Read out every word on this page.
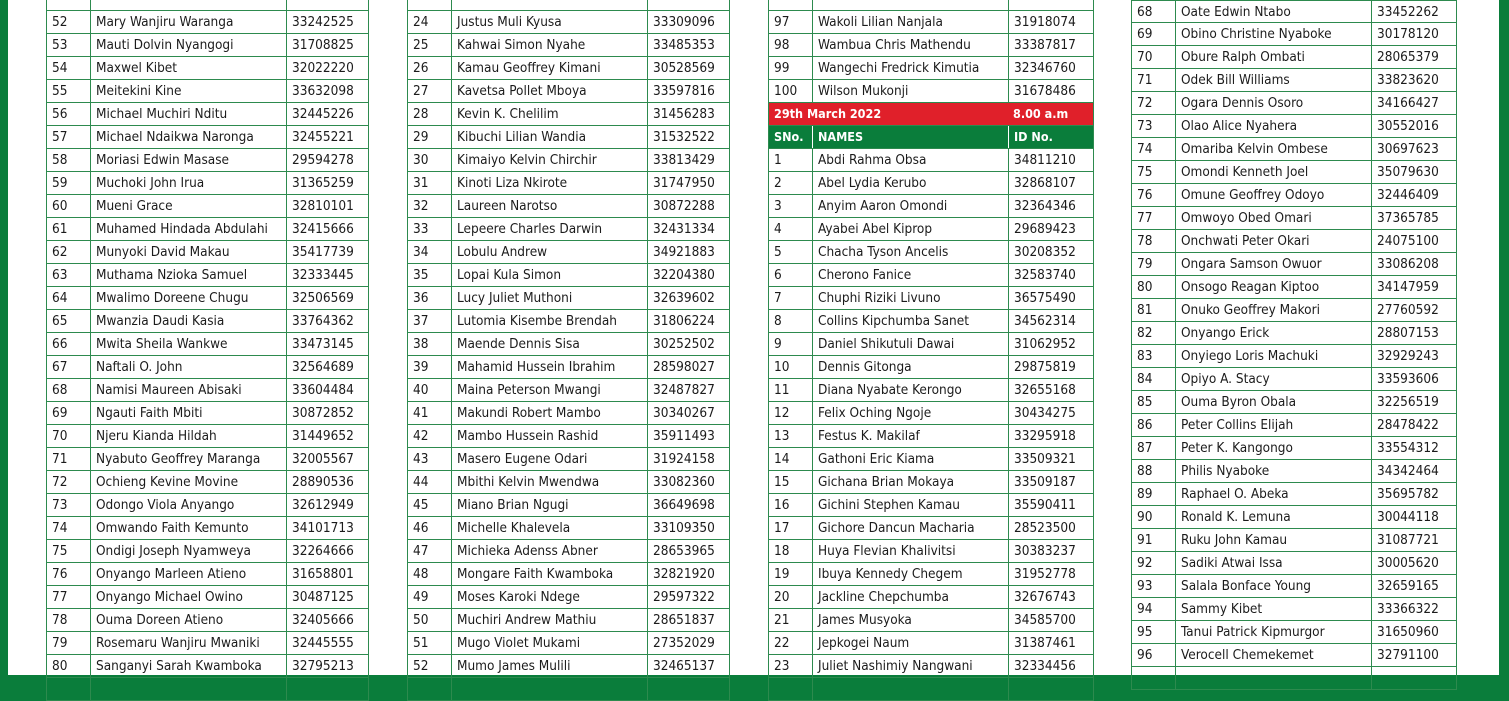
52	Mary Wanjiru Waranga	33242525
53	Mauti Dolvin Nyangogi	31708825
54	Maxwel Kibet	32022220
55	Meitekini Kine	33632098
56	Michael Muchiri Nditu	32445226
57	Michael Ndaikwa Naronga	32455221
58	Moriasi Edwin Masase	29594278
59	Muchoki John Irua	31365259
60	Mueni Grace	32810101
61	Muhamed Hindada Abdulahi	32415666
62	Munyoki David Makau	35417739
63	Muthama Nzioka Samuel	32333445
64	Mwalimo Doreene Chugu	32506569
65	Mwanzia Daudi Kasia	33764362
66	Mwita Sheila Wankwe	33473145
67	Naftali O. John	32564689
68	Namisi Maureen Abisaki	33604484
69	Ngauti Faith Mbiti	30872852
70	Njeru Kianda Hildah	31449652
71	Nyabuto Geoffrey Maranga	32005567
72	Ochieng Kevine Movine	28890536
73	Odongo Viola Anyango	32612949
74	Omwando Faith Kemunto	34101713
75	Ondigi Joseph Nyamweya	32264666
76	Onyango Marleen Atieno	31658801
77	Onyango Michael Owino	30487125
78	Ouma Doreen Atieno	32405666
79	Rosemaru Wanjiru Mwaniki	32445555
80	Sanganyi Sarah Kwamboka	32795213
24	Justus Muli Kyusa	33309096
25	Kahwai Simon Nyahe	33485353
26	Kamau Geoffrey Kimani	30528569
27	Kavetsa Pollet Mboya	33597816
28	Kevin K. Chelilim	31456283
29	Kibuchi Lilian Wandia	31532522
30	Kimaiyo Kelvin Chirchir	33813429
31	Kinoti Liza Nkirote	31747950
32	Laureen Narotso	30872288
33	Lepeere Charles Darwin	32431334
34	Lobulu Andrew	34921883
35	Lopai Kula Simon	32204380
36	Lucy Juliet Muthoni	32639602
37	Lutomia Kisembe Brendah	31806224
38	Maende Dennis Sisa	30252502
39	Mahamid Hussein Ibrahim	28598027
40	Maina Peterson Mwangi	32487827
41	Makundi Robert Mambo	30340267
42	Mambo Hussein Rashid	35911493
43	Masero Eugene Odari	31924158
44	Mbithi Kelvin Mwendwa	33082360
45	Miano Brian Ngugi	36649698
46	Michelle Khalevela	33109350
47	Michieka Adenss Abner	28653965
48	Mongare Faith Kwamboka	32821920
49	Moses Karoki Ndege	29597322
50	Muchiri Andrew Mathiu	28651837
51	Mugo Violet Mukami	27352029
52	Mumo James Mulili	32465137
97	Wakoli Lilian Nanjala	31918074
98	Wambua Chris Mathendu	33387817
99	Wangechi Fredrick Kimutia	32346760
100	Wilson Mukonji	31678486
29th March 2022	8.00 a.m
SNo.	NAMES	ID No.
1	Abdi Rahma Obsa	34811210
2	Abel Lydia Kerubo	32868107
3	Anyim Aaron Omondi	32364346
4	Ayabei Abel Kiprop	29689423
5	Chacha Tyson Ancelis	30208352
6	Cherono Fanice	32583740
7	Chuphi Riziki Livuno	36575490
8	Collins Kipchumba Sanet	34562314
9	Daniel Shikutuli Dawai	31062952
10	Dennis Gitonga	29875819
11	Diana Nyabate Kerongo	32655168
12	Felix Oching Ngoje	30434275
13	Festus K. Makilaf	33295918
14	Gathoni Eric Kiama	33509321
15	Gichana Brian Mokaya	33509187
16	Gichini Stephen Kamau	35590411
17	Gichore Dancun Macharia	28523500
18	Huya Flevian Khalivitsi	30383237
19	Ibuya Kennedy Chegem	31952778
20	Jackline Chepchumba	32676743
21	James Musyoka	34585700
22	Jepkogei Naum	31387461
23	Juliet Nashimiy Nangwani	32334456
68	Oate Edwin Ntabo	33452262
69	Obino Christine Nyaboke	30178120
70	Obure Ralph Ombati	28065379
71	Odek Bill Williams	33823620
72	Ogara Dennis Osoro	34166427
73	Olao Alice Nyahera	30552016
74	Omariba Kelvin Ombese	30697623
75	Omondi Kenneth Joel	35079630
76	Omune Geoffrey Odoyo	32446409
77	Omwoyo Obed Omari	37365785
78	Onchwati Peter Okari	24075100
79	Ongara Samson Owuor	33086208
80	Onsogo Reagan Kiptoo	34147959
81	Onuko Geoffrey Makori	27760592
82	Onyango Erick	28807153
83	Onyiego Loris Machuki	32929243
84	Opiyo A. Stacy	33593606
85	Ouma Byron Obala	32256519
86	Peter Collins Elijah	28478422
87	Peter K. Kangongo	33554312
88	Philis Nyaboke	34342464
89	Raphael O. Abeka	35695782
90	Ronald K. Lemuna	30044118
91	Ruku John Kamau	31087721
92	Sadiki Atwai Issa	30005620
93	Salala Bonface Young	32659165
94	Sammy Kibet	33366322
95	Tanui Patrick Kipmurgor	31650960
96	Verocell Chemekemet	32791100
